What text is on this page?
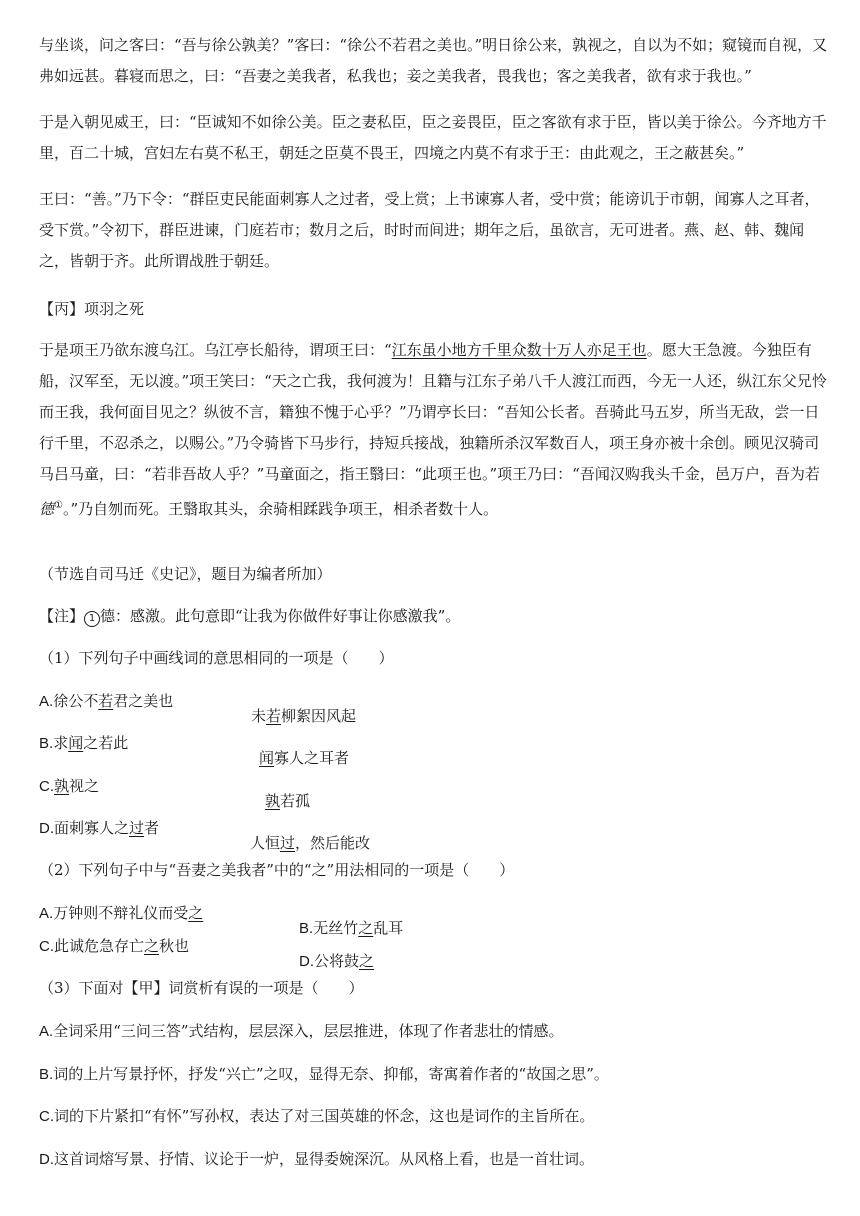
与坐谈，问之客曰：“吾与徐公孰美？”客曰：“徐公不若君之美也。”明日徐公来，孰视之，自以为不如；窥镜而自视，又弗如远甚。暮寝而思之，曰：“吾妻之美我者，私我也；妾之美我者，畏我也；客之美我者，欲有求于我也。”

于是入朝见威王，曰：“臣诚知不如徐公美。臣之妻私臣，臣之妾畏臣，臣之客欲有求于臣，皆以美于徐公。今齐地方千里，百二十城，宫妇左右莫不私王，朝廷之臣莫不畏王，四境之内莫不有求于王：由此观之，王之蔽甚矣。”

王曰：“善。”乃下令：“群臣吏民能面刺寡人之过者，受上赏；上书谏寡人者，受中赏；能谤讥于市朝，闻寡人之耳者，受下赏。”令初下，群臣进谏，门庭若市；数月之后，时时而间进；期年之后，虽欲言，无可进者。燕、赵、韩、魏闻之，皆朝于齐。此所谓战胜于朝廷。

【丙】项羽之死

于是项王乃欲东渡乌江。乌江亭长船待，谓项王曰：“江东虽小地方千里众数十万人亦足王也。愿大王急渡。今独臣有船，汉军至，无以渡。”项王笑曰：“天之亡我，我何渡为！且籍与江东子弟八千人渡江而西，今无一人还，纵江东父兄怜而王我，我何面目见之？纵彼不言，籍独不愧于心乎？”乃谓亭长曰：“吾知公长者。吾骑此马五岁，所当无敌，尝一日行千里，不忍杀之，以赐公。”乃令骑皆下马步行，持短兵接战，独籍所杀汉军数百人，项王身亦被十余创。顾见汉骑司马吕马童，曰：“若非吾故人乎？”马童面之，指王翳曰：“此项王也。”项王乃曰：“吾闻汉购我头千金，邑万户，吾为若德①。”乃自刎而死。王翳取其头，余骑相蹂践争项王，相杀者数十人。

（节选自司马迁《史记》，题目为编者所加）

【注】 1 德：感激。此句意即“让我为你做件好事让你感激我”。

（1）下列句子中画线词的意思相同的一项是（　　）

A.徐公不若君之美也

未若柳絮因风起

B.求闻之若此

闻寡人之耳者

C.孰视之

孰若孤

D.面刺寡人之过者

人恒过，然后能改

（2）下列句子中与“吾妻之美我者”中的“之”用法相同的一项是（　　）

A.万钟则不辩礼仪而受之

B.无丝竹之乱耳

C.此诚危急存亡之秋也

D.公将鼓之

（3）下面对【甲】词赏析有误的一项是（　　）

A.全词采用“三问三答”式结构，层层深入，层层推进，体现了作者悲壮的情感。

B.词的上片写景抒怀，抒发“兴亡”之叹，显得无奈、抑郁，寄寓着作者的“故国之思”。

C.词的下片紧扣“有怀”写孙权，表达了对三国英雄的怀念，这也是词作的主旨所在。

D.这首词熔写景、抒情、议论于一炉，显得委婉深沉。从风格上看，也是一首壮词。
